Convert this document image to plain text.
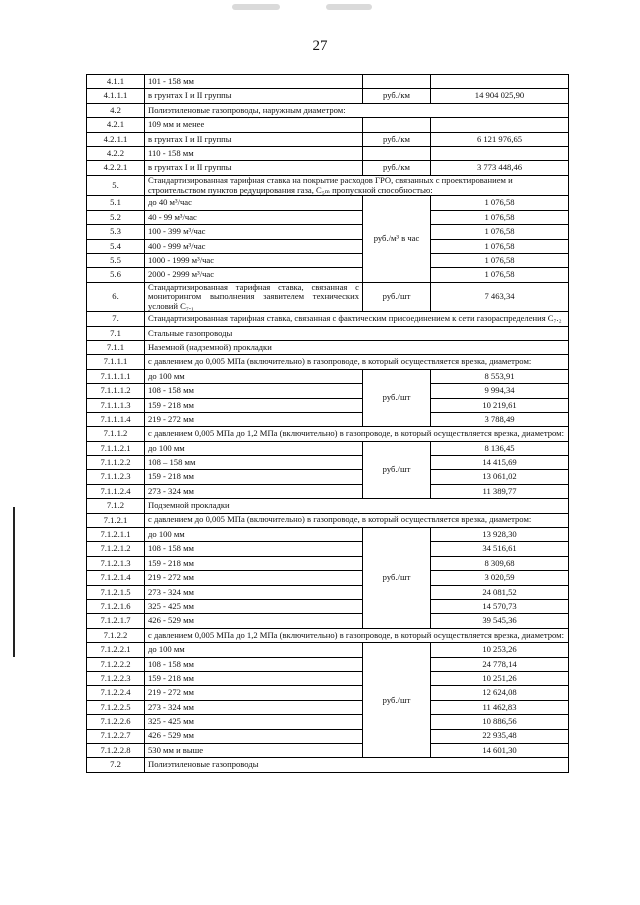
27
4.1.1	101 - 158 мм		
4.1.1.1	в грунтах I и II группы	руб./км	14 904 025,90
4.2	Полиэтиленовые газопроводы, наружным диаметром:		
4.2.1	109 мм и менее		
4.2.1.1	в грунтах I и II группы	руб./км	6 121 976,65
4.2.2	110 - 158 мм		
4.2.2.1	в грунтах I и II группы	руб./км	3 773 448,46
5.	Стандартизированная тарифная ставка на покрытие расходов ГРО, связанных с проектированием и строительством пунктов редуцирования газа, С₅ₘ пропускной способностью:		
5.1	до 40 м³/час	руб./м³ в час	1 076,58
5.2	40 - 99 м³/час		1 076,58
5.3	100 - 399 м³/час		1 076,58
5.4	400 - 999 м³/час		1 076,58
5.5	1000 - 1999 м³/час		1 076,58
5.6	2000 - 2999 м³/час		1 076,58
6.	Стандартизированная тарифная ставка, связанная с мониторингом выполнения заявителем технических условий С₇.₁	руб./шт	7 463,34
7.	Стандартизированная тарифная ставка, связанная с фактическим присоединением к сети газораспределения С₇.₂		
7.1	Стальные газопроводы		
7.1.1	Наземной (надземной) прокладки		
7.1.1.1	с давлением до 0,005 МПа (включительно) в газопроводе, в который осуществляется врезка, диаметром:		
7.1.1.1.1	до 100 мм	руб./шт	8 553,91
7.1.1.1.2	108 - 158 мм		9 994,34
7.1.1.1.3	159 - 218 мм		10 219,61
7.1.1.1.4	219 - 272 мм		3 788,49
7.1.1.2	с давлением 0,005 МПа до 1,2 МПа (включительно) в газопроводе, в который осуществляется врезка, диаметром:		
7.1.1.2.1	до 100 мм	руб./шт	8 136,45
7.1.1.2.2	108 – 158 мм		14 415,69
7.1.1.2.3	159 - 218 мм		13 061,02
7.1.1.2.4	273 - 324 мм		11 389,77
7.1.2	Подземной прокладки		
7.1.2.1	с давлением до 0,005 МПа (включительно) в газопроводе, в который осуществляется врезка, диаметром:		
7.1.2.1.1	до 100 мм	руб./шт	13 928,30
7.1.2.1.2	108 - 158 мм		34 516,61
7.1.2.1.3	159 - 218 мм		8 309,68
7.1.2.1.4	219 - 272 мм		3 020,59
7.1.2.1.5	273 - 324 мм		24 081,52
7.1.2.1.6	325 - 425 мм		14 570,73
7.1.2.1.7	426 - 529 мм		39 545,36
7.1.2.2	с давлением 0,005 МПа до 1,2 МПа (включительно) в газопроводе, в который осуществляется врезка, диаметром:		
7.1.2.2.1	до 100 мм	руб./шт	10 253,26
7.1.2.2.2	108 - 158 мм		24 778,14
7.1.2.2.3	159 - 218 мм		10 251,26
7.1.2.2.4	219 - 272 мм		12 624,08
7.1.2.2.5	273 - 324 мм		11 462,83
7.1.2.2.6	325 - 425 мм		10 886,56
7.1.2.2.7	426 - 529 мм		22 935,48
7.1.2.2.8	530 мм и выше		14 601,30
7.2	Полиэтиленовые газопроводы		
